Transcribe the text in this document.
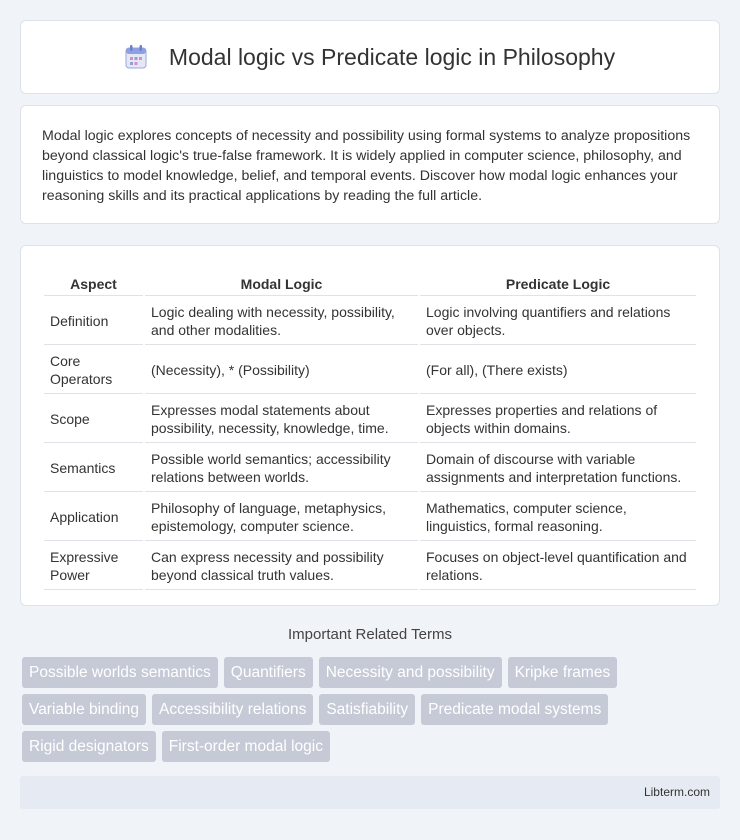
Modal logic vs Predicate logic in Philosophy

Modal logic explores concepts of necessity and possibility using formal systems to analyze propositions beyond classical logic's true-false framework. It is widely applied in computer science, philosophy, and linguistics to model knowledge, belief, and temporal events. Discover how modal logic enhances your reasoning skills and its practical applications by reading the full article.

Aspect	Modal Logic	Predicate Logic
Definition	Logic dealing with necessity, possibility, and other modalities.	Logic involving quantifiers and relations over objects.
Core Operators	(Necessity), * (Possibility)	(For all), (There exists)
Scope	Expresses modal statements about possibility, necessity, knowledge, time.	Expresses properties and relations of objects within domains.
Semantics	Possible world semantics; accessibility relations between worlds.	Domain of discourse with variable assignments and interpretation functions.
Application	Philosophy of language, metaphysics, epistemology, computer science.	Mathematics, computer science, linguistics, formal reasoning.
Expressive Power	Can express necessity and possibility beyond classical truth values.	Focuses on object-level quantification and relations.
Important Related Terms
Possible worlds semantics	Quantifiers	Necessity and possibility	Kripke frames
Variable binding	Accessibility relations	Satisfiability	Predicate modal systems
Rigid designators	First-order modal logic
Libterm.com
